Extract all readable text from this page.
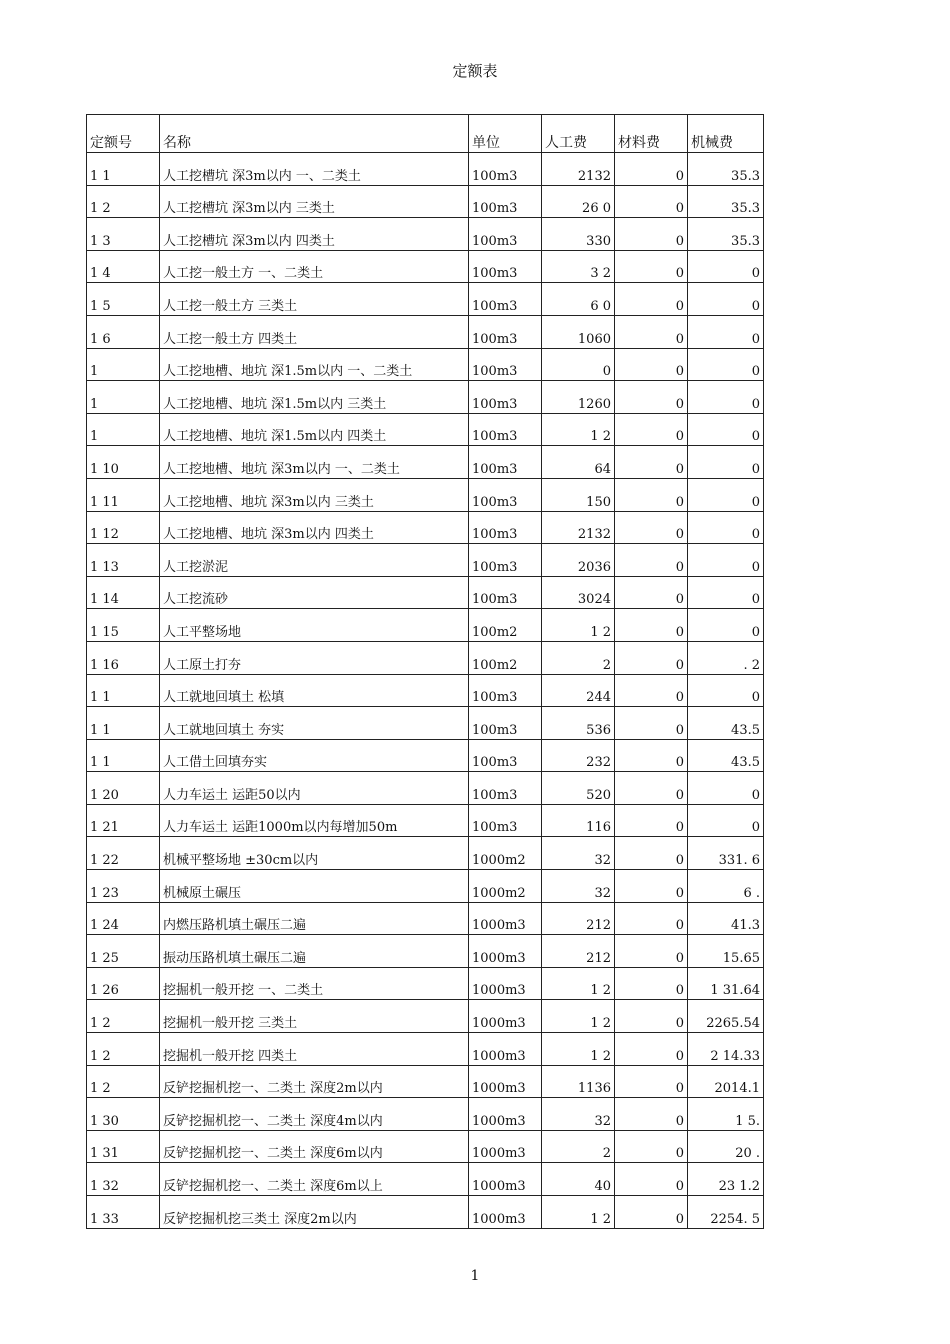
定额表
定额号	名称	单位	人工费	材料费	机械费
1 1	人工挖槽坑 深3m以内 一、二类土	100m3	2132	0	35.3
1 2	人工挖槽坑 深3m以内 三类土	100m3	26 0	0	35.3
1 3	人工挖槽坑 深3m以内 四类土	100m3	330	0	35.3
1 4	人工挖一般土方 一、二类土	100m3	3 2	0	0
1 5	人工挖一般土方 三类土	100m3	6 0	0	0
1 6	人工挖一般土方 四类土	100m3	1060	0	0
1	人工挖地槽、地坑 深1.5m以内 一、二类土	100m3	0	0	0
1	人工挖地槽、地坑 深1.5m以内 三类土	100m3	1260	0	0
1	人工挖地槽、地坑 深1.5m以内 四类土	100m3	1 2	0	0
1 10	人工挖地槽、地坑 深3m以内 一、二类土	100m3	64	0	0
1 11	人工挖地槽、地坑 深3m以内 三类土	100m3	150	0	0
1 12	人工挖地槽、地坑 深3m以内 四类土	100m3	2132	0	0
1 13	人工挖淤泥	100m3	2036	0	0
1 14	人工挖流砂	100m3	3024	0	0
1 15	人工平整场地	100m2	1 2	0	0
1 16	人工原土打夯	100m2	2	0	. 2
1 1	人工就地回填土 松填	100m3	244	0	0
1 1	人工就地回填土 夯实	100m3	536	0	43.5
1 1	人工借土回填夯实	100m3	232	0	43.5
1 20	人力车运土 运距50以内	100m3	520	0	0
1 21	人力车运土 运距1000m以内每增加50m	100m3	116	0	0
1 22	机械平整场地 ±30cm以内	1000m2	32	0	331. 6
1 23	机械原土碾压	1000m2	32	0	6 .
1 24	内燃压路机填土碾压二遍	1000m3	212	0	41.3
1 25	振动压路机填土碾压二遍	1000m3	212	0	15.65
1 26	挖掘机一般开挖 一、二类土	1000m3	1 2	0	1 31.64
1 2	挖掘机一般开挖 三类土	1000m3	1 2	0	2265.54
1 2	挖掘机一般开挖 四类土	1000m3	1 2	0	2 14.33
1 2	反铲挖掘机挖一、二类土 深度2m以内	1000m3	1136	0	2014.1
1 30	反铲挖掘机挖一、二类土 深度4m以内	1000m3	32	0	1 5.
1 31	反铲挖掘机挖一、二类土 深度6m以内	1000m3	2	0	20 .
1 32	反铲挖掘机挖一、二类土 深度6m以上	1000m3	40	0	23 1.2
1 33	反铲挖掘机挖三类土 深度2m以内	1000m3	1 2	0	2254. 5
1
